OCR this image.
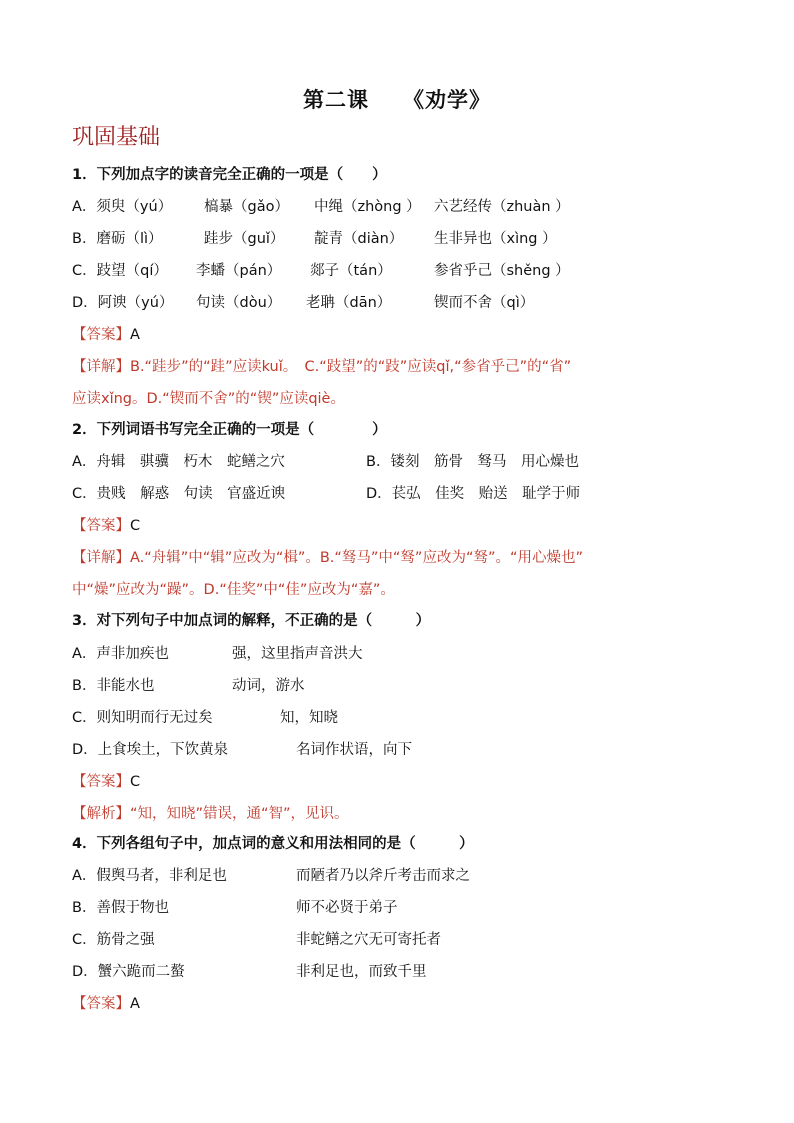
第二课 《劝学》
巩固基础
1．下列加点字的读音完全正确的一项是（　　）
A．须臾（yú） 槁暴（gǎo） 中绳（zhòng ） 六艺经传（zhuàn ）
B．磨砺（lì）	跬步（guǐ） 靛青（diàn） 生非异也（xìng ）
C．跂望（qí） 李蟠（pán） 郯子（tán）	参省乎己（shěng ）
D．阿谀（yú） 句读（dòu） 老聃（dān）	锲而不舍（qì）
【答案】A
【详解】B.“跬步”的“跬”应读kuǐ。　C.“跂望”的“跂”应读qǐ,“参省乎己”的“省”
应读xǐng。D.“锲而不舍”的“锲”应读qiè。
2．下列词语书写完全正确的一项是（　　　　）
A．舟辑　骐骥　朽木　蛇鳝之穴	B．镂刻　筋骨　驽马　用心燥也
C．贵贱　解惑　句读　官盛近谀	D．苌弘　佳奖　贻送　耻学于师
【答案】C
【详解】A.“舟辑”中“辑”应改为“楫”。B.“驽马”中“驽”应改为“驽”。“用心燥也”
中“燥”应改为“躁”。D.“佳奖”中“佳”应改为“嘉”。
3．对下列句子中加点词的解释，不正确的是（　　　）
A．声非加疾也	强，这里指声音洪大
B．非能水也	动词，游水
C．则知明而行无过矣	知，知晓
D．上食埃土，下饮黄泉	名词作状语，向下
【答案】C
【解析】“知，知晓”错误，通“智”，见识。
4．下列各组句子中，加点词的意义和用法相同的是（　　　）
A．假舆马者，非利足也	而陋者乃以斧斤考击而求之
B．善假于物也	师不必贤于弟子
C．筋骨之强	非蛇鳝之穴无可寄托者
D．蟹六跪而二螯	非利足也，而致千里
【答案】A
